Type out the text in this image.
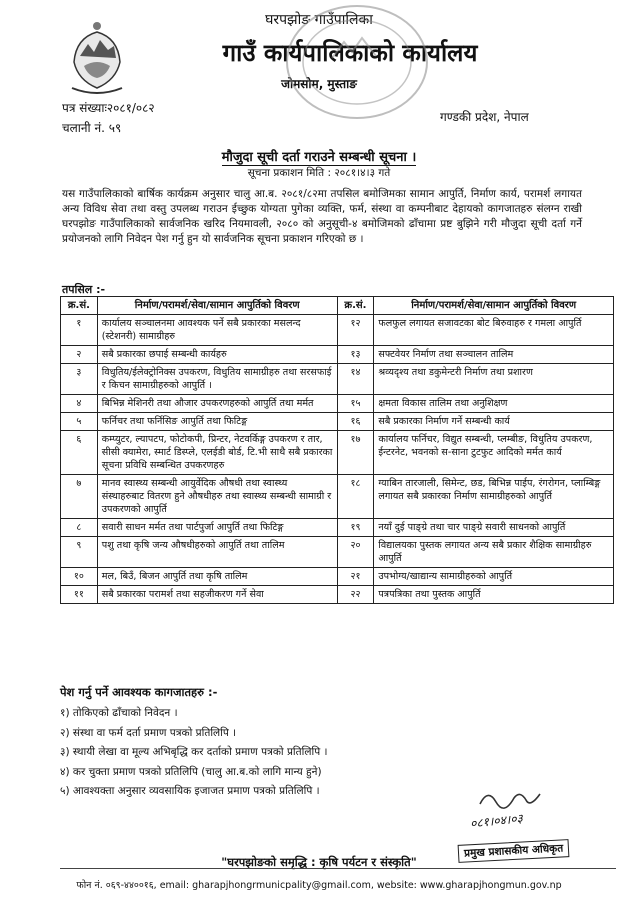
घरपझोङ गाउँपालिका
गाउँ कार्यपालिकाको कार्यालय
जोमसोम, मुस्ताङ
पत्र संख्याः२०८१/०८२
चलानी नं. ५९
गण्डकी प्रदेश, नेपाल
मौजुदा सूची दर्ता गराउने सम्बन्धी सूचना ।
सूचना प्रकाशन मिति : २०८१।४।३ गते
यस गाउँपालिकाको बार्षिक कार्यक्रम अनुसार चालु आ.ब. २०८१/८२मा तपसिल बमोजिमका सामान आपुर्ति, निर्माण कार्य, परामर्श लगायत अन्य विविध सेवा तथा वस्तु उपलब्ध गराउन ईच्छुक योग्यता पुगेका व्यक्ति, फर्म, संस्था वा कम्पनीबाट देहायको कागजातहरु संलग्न राखी घरपझोङ गाउँपालिकाको सार्वजनिक खरिद नियमावली, २०८० को अनुसूची-४ बमोजिमको ढाँचामा प्रष्ट बुझिने गरी मौजुदा सूची दर्ता गर्ने प्रयोजनको लागि निवेदन पेश गर्नु हुन यो सार्वजनिक सूचना प्रकाशन गरिएको छ ।
तपसिल :-
क्र.सं.	निर्माण/परामर्श/सेवा/सामान आपुर्तिको विवरण	क्र.सं.	निर्माण/परामर्श/सेवा/सामान आपुर्तिको विवरण
१	कार्यालय सञ्चालनमा आवश्यक पर्ने सबै प्रकारका मसलन्द (स्टेशनरी) सामाग्रीहरु	१२	फलफुल लगायत सजावटका बोट बिरुवाहरु र गमला आपुर्ति
२	सबै प्रकारका छपाई सम्बन्धी कार्यहरु	१३	सफ्टवेयर निर्माण तथा सञ्चालन तालिम
३	विधुतिय/ईलेक्ट्रोनिक्स उपकरण, विधुतिय सामाग्रीहरु तथा सरसफाई र किचन सामाग्रीहरुको आपुर्ति ।	१४	श्रव्यदृश्य तथा डकुमेन्टरी निर्माण तथा प्रशारण
४	बिभिन्न मेशिनरी तथा औजार उपकरणहरुको आपुर्ति तथा मर्मत	१५	क्षमता विकास तालिम तथा अनुशिक्षण
५	फर्निचर तथा फर्निसिङ आपुर्ति तथा फिटिङ्ग	१६	सबै प्रकारका निर्माण गर्ने सम्बन्धी कार्य
६	कम्प्युटर, ल्यापटप, फोटोकपी, प्रिन्टर, नेटवर्किङ्ग उपकरण र तार, सीसी क्यामेरा, स्मार्ट डिस्प्ले, एलईडी बोर्ड, टि.भी साथै सबै प्रकारका सूचना प्रविधि सम्बन्धित उपकरणहरु	१७	कार्यालय फर्निचर, विद्युत सम्बन्धी, प्लम्बीङ, विधुतिय उपकरण, ईन्टरनेट, भवनको स-साना टुटफुट आदिको मर्मत कार्य
७	मानव स्वास्थ्य सम्बन्धी आयुर्वेदिक औषधी तथा स्वास्थ्य संस्थाहरुबाट वितरण हुने औषधीहरु तथा स्वास्थ्य सम्बन्धी सामाग्री र उपकरणको आपुर्ति	१८	ग्याबिन तारजाली, सिमेन्ट, छड, बिभिन्न पाईप, रंगरोगन, प्लाम्बिङ्ग लगायत सबै प्रकारका निर्माण सामाग्रीहरुको आपुर्ति
८	सवारी साधन मर्मत तथा पार्टपुर्जा आपुर्ति तथा फिटिङ्ग	१९	नयाँ दुई पाङ्ग्रे तथा चार पाङ्ग्रे सवारी साधनको आपुर्ति
९	पशु तथा कृषि जन्य औषधीहरुको आपुर्ति तथा तालिम	२०	विद्यालयका पुस्तक लगायत अन्य सबै प्रकार शैक्षिक सामाग्रीहरु आपुर्ति
१०	मल, बिउँ, बिजन आपुर्ति तथा कृषि तालिम	२१	उपभोग्य/खाद्यान्य सामाग्रीहरुको आपुर्ति
११	सबै प्रकारका परामर्श तथा सहजीकरण गर्ने सेवा	२२	पत्रपत्रिका तथा पुस्तक आपुर्ति
पेश गर्नु पर्ने आवश्यक कागजातहरु :-
१) तोकिएको ढाँचाको निवेदन ।
२) संस्था वा फर्म दर्ता प्रमाण पत्रको प्रतिलिपि ।
३) स्थायी लेखा वा मूल्य अभिबृद्धि कर दर्ताको प्रमाण पत्रको प्रतिलिपि ।
४) कर चुक्ता प्रमाण पत्रको प्रतिलिपि (चालु आ.ब.को लागि मान्य हुने)
५) आवश्यक्ता अनुसार व्यवसायिक इजाजत प्रमाण पत्रको प्रतिलिपि ।
०८१।०४।०३
प्रमुख प्रशासकीय अधिकृत
"घरपझोङको समृद्धि : कृषि पर्यटन र संस्कृति"
फोन नं. ०६९-४४००१६, email: gharapjhongrmunicpality@gmail.com, website: www.gharapjhongmun.gov.np
